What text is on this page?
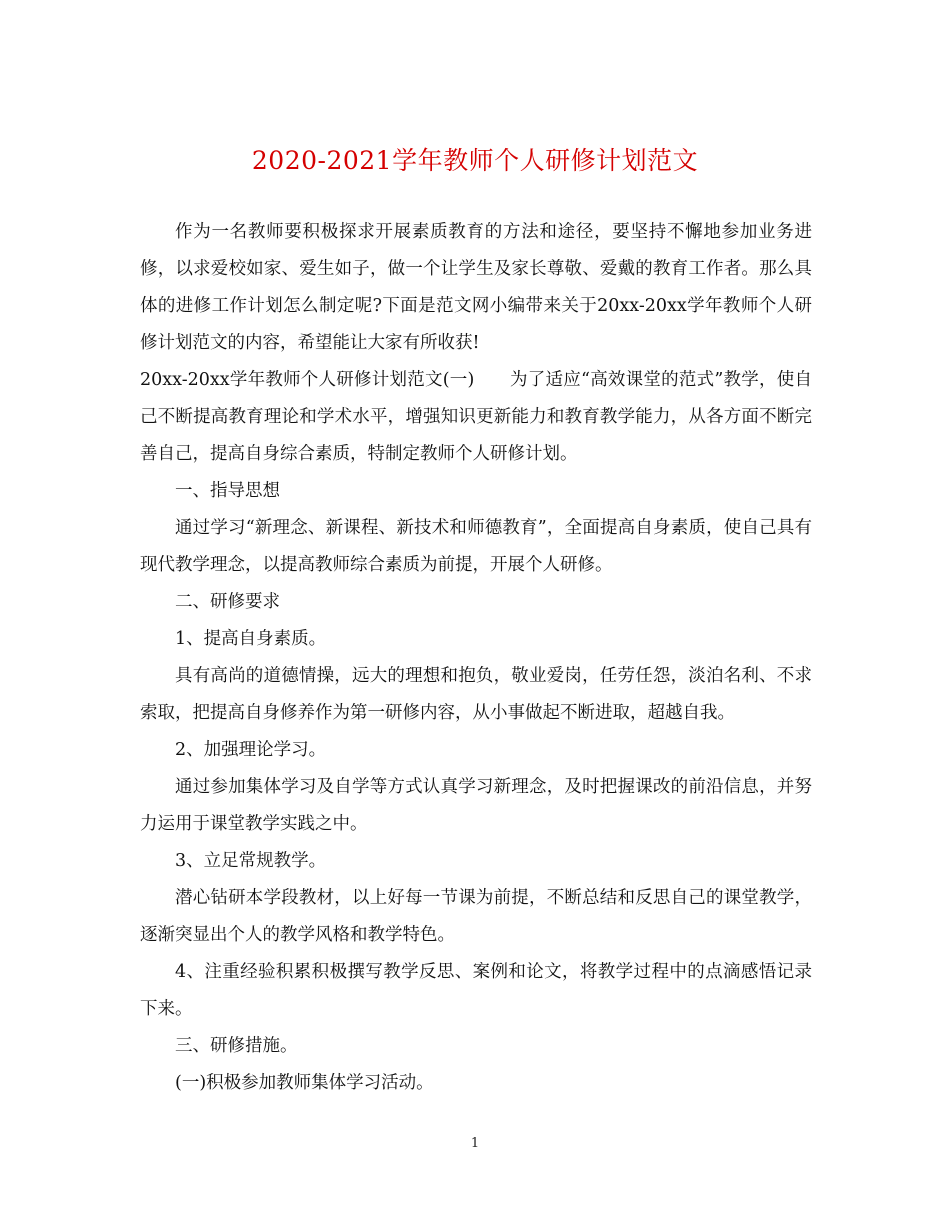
2020-2021学年教师个人研修计划范文

作为一名教师要积极探求开展素质教育的方法和途径，要坚持不懈地参加业务进修，以求爱校如家、爱生如子，做一个让学生及家长尊敬、爱戴的教育工作者。那么具体的进修工作计划怎么制定呢?下面是范文网小编带来关于20xx-20xx学年教师个人研修计划范文的内容，希望能让大家有所收获!

20xx-20xx学年教师个人研修计划范文(一)　　为了适应“高效课堂的范式”教学，使自己不断提高教育理论和学术水平，增强知识更新能力和教育教学能力，从各方面不断完善自己，提高自身综合素质，特制定教师个人研修计划。

一、指导思想

通过学习“新理念、新课程、新技术和师德教育”，全面提高自身素质，使自己具有现代教学理念，以提高教师综合素质为前提，开展个人研修。

二、研修要求

1、提高自身素质。

具有高尚的道德情操，远大的理想和抱负，敬业爱岗，任劳任怨，淡泊名利、不求索取，把提高自身修养作为第一研修内容，从小事做起不断进取，超越自我。

2、加强理论学习。

通过参加集体学习及自学等方式认真学习新理念，及时把握课改的前沿信息，并努力运用于课堂教学实践之中。

3、立足常规教学。

潜心钻研本学段教材，以上好每一节课为前提，不断总结和反思自己的课堂教学，逐渐突显出个人的教学风格和教学特色。

4、注重经验积累积极撰写教学反思、案例和论文，将教学过程中的点滴感悟记录下来。

三、研修措施。

(一)积极参加教师集体学习活动。

1
